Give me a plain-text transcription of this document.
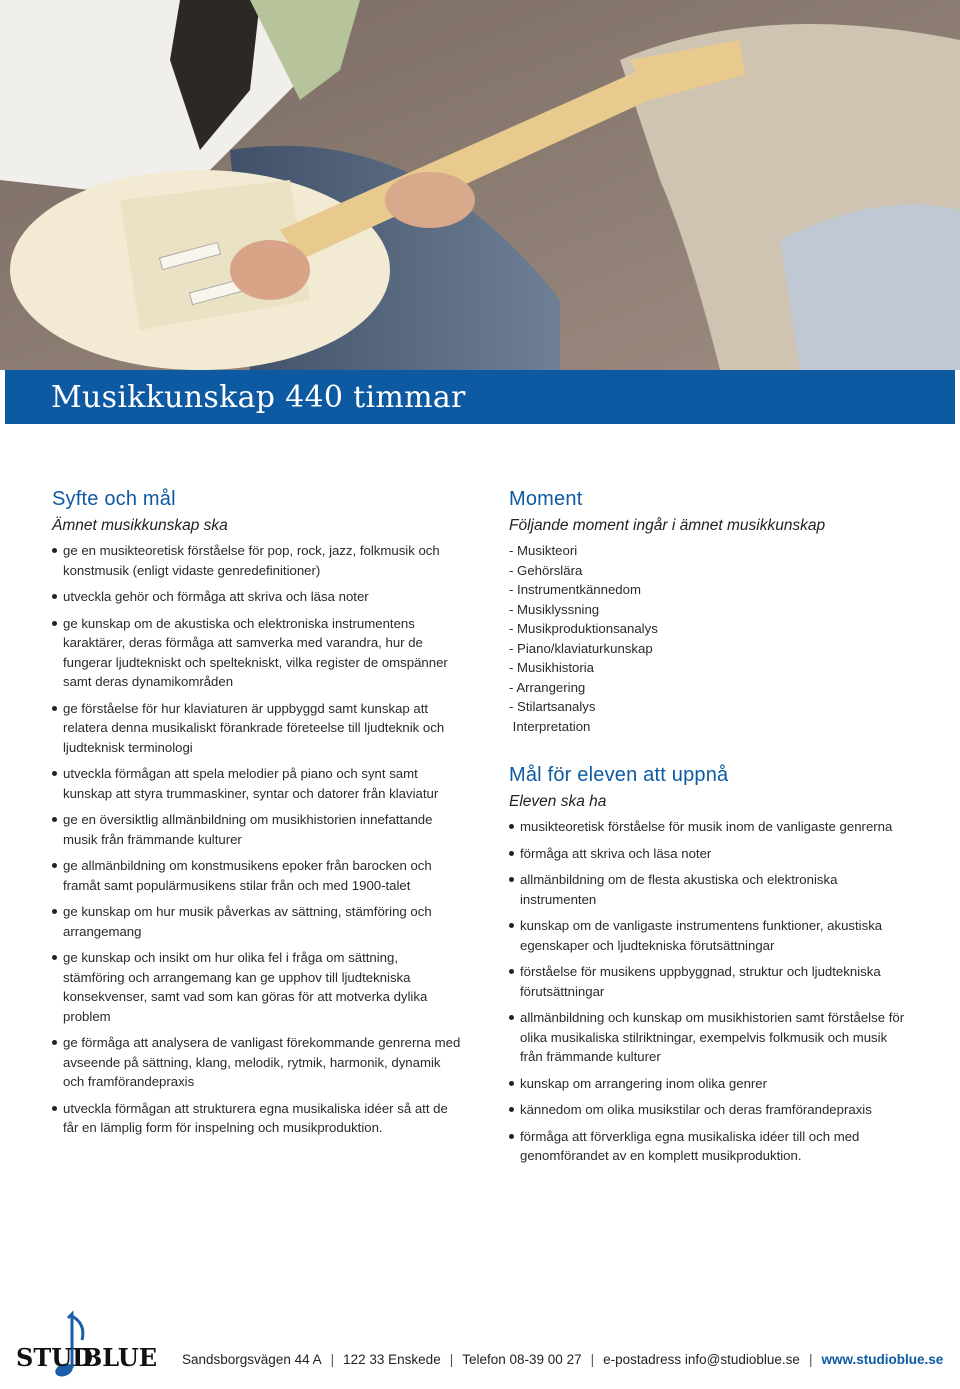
Musikkunskap 440 timmar
Syfte och mål
Ämnet musikkunskap ska
ge en musikteoretisk förståelse för pop, rock, jazz, folkmusik och konstmusik (enligt vidaste genredefinitioner)
utveckla gehör och förmåga att skriva och läsa noter
ge kunskap om de akustiska och elektroniska instrumentens karaktärer, deras förmåga att samverka med varandra, hur de fungerar ljudtekniskt och speltekniskt, vilka register de omspänner samt deras dynamikområden
ge förståelse för hur klaviaturen är uppbyggd samt kunskap att relatera denna musikaliskt förankrade företeelse till ljudteknik och ljudteknisk terminologi
utveckla förmågan att spela melodier på piano och synt samt kunskap att styra trummaskiner, syntar och datorer från klaviatur
ge en översiktlig allmänbildning om musikhistorien innefattande musik från främmande kulturer
ge allmänbildning om konstmusikens epoker från barocken och framåt samt populärmusikens stilar från och med 1900-talet
ge kunskap om hur musik påverkas av sättning, stämföring och arrangemang
ge kunskap och insikt om hur olika fel i fråga om sättning, stämföring och arrangemang kan ge upphov till ljudtekniska konsekvenser, samt vad som kan göras för att motverka dylika problem
ge förmåga att analysera de vanligast förekommande genrerna med avseende på sättning, klang, melodik, rytmik, harmonik, dynamik och framförandepraxis
utveckla förmågan att strukturera egna musikaliska idéer så att de får en lämplig form för inspelning och musikproduktion.
Moment
Följande moment ingår i ämnet musikkunskap
- Musikteori
- Gehörslära
- Instrumentkännedom
- Musiklyssning
- Musikproduktionsanalys
- Piano/klaviaturkunskap
- Musikhistoria
- Arrangering
- Stilartsanalys
Interpretation
Mål för eleven att uppnå
Eleven ska ha
musikteoretisk förståelse för musik inom de vanligaste genrerna
förmåga att skriva och läsa noter
allmänbildning om de flesta akustiska och elektroniska instrumenten
kunskap om de vanligaste instrumentens funktioner, akustiska egenskaper och ljudtekniska förutsättningar
förståelse för musikens uppbyggnad, struktur och ljudtekniska förutsättningar
allmänbildning och kunskap om musikhistorien samt förståelse för olika musikaliska stilriktningar, exempelvis folkmusik och musik från främmande kulturer
kunskap om arrangering inom olika genrer
kännedom om olika musikstilar och deras framförandepraxis
förmåga att förverkliga egna musikaliska idéer till och med genomförandet av en komplett musikproduktion.
STUD
BLUE Sandsborgsvägen 44 A | 122 33 Enskede | Telefon 08-39 00 27 | e-postadress info@studioblue.se | www.studioblue.se
